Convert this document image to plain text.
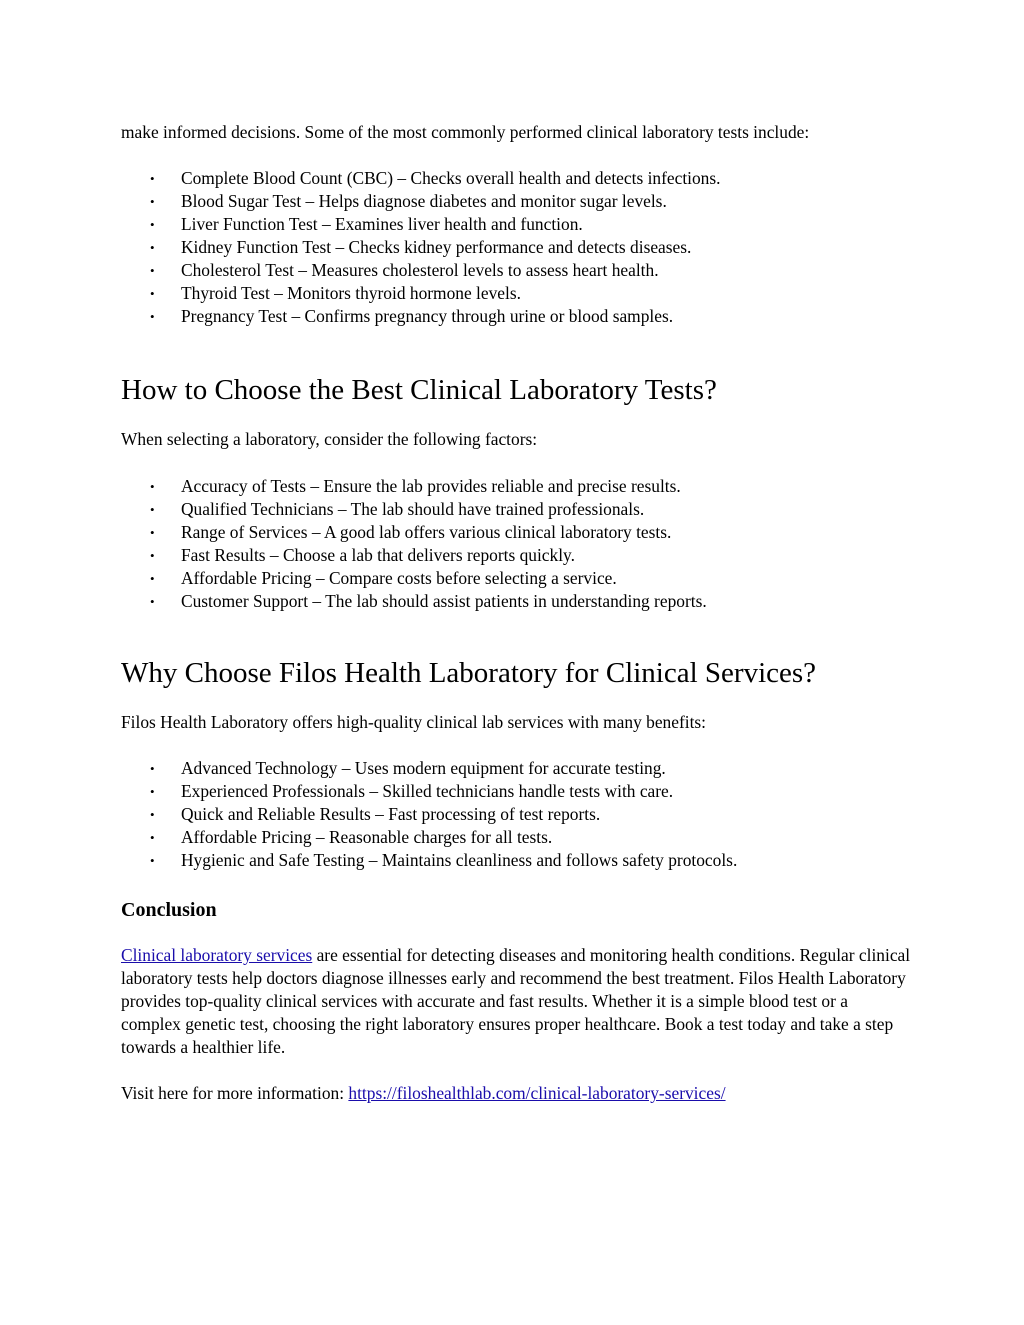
make informed decisions. Some of the most commonly performed clinical laboratory tests include:

• Complete Blood Count (CBC) – Checks overall health and detects infections.
• Blood Sugar Test – Helps diagnose diabetes and monitor sugar levels.
• Liver Function Test – Examines liver health and function.
• Kidney Function Test – Checks kidney performance and detects diseases.
• Cholesterol Test – Measures cholesterol levels to assess heart health.
• Thyroid Test – Monitors thyroid hormone levels.
• Pregnancy Test – Confirms pregnancy through urine or blood samples.
How to Choose the Best Clinical Laboratory Tests?

When selecting a laboratory, consider the following factors:

• Accuracy of Tests – Ensure the lab provides reliable and precise results.
• Qualified Technicians – The lab should have trained professionals.
• Range of Services – A good lab offers various clinical laboratory tests.
• Fast Results – Choose a lab that delivers reports quickly.
• Affordable Pricing – Compare costs before selecting a service.
• Customer Support – The lab should assist patients in understanding reports.
Why Choose Filos Health Laboratory for Clinical Services?

Filos Health Laboratory offers high-quality clinical lab services with many benefits:

• Advanced Technology – Uses modern equipment for accurate testing.
• Experienced Professionals – Skilled technicians handle tests with care.
• Quick and Reliable Results – Fast processing of test reports.
• Affordable Pricing – Reasonable charges for all tests.
• Hygienic and Safe Testing – Maintains cleanliness and follows safety protocols.
Conclusion

Clinical laboratory services are essential for detecting diseases and monitoring health conditions. Regular clinical laboratory tests help doctors diagnose illnesses early and recommend the best treatment. Filos Health Laboratory provides top-quality clinical services with accurate and fast results. Whether it is a simple blood test or a complex genetic test, choosing the right laboratory ensures proper healthcare. Book a test today and take a step towards a healthier life.

Visit here for more information: https://filoshealthlab.com/clinical-laboratory-services/
